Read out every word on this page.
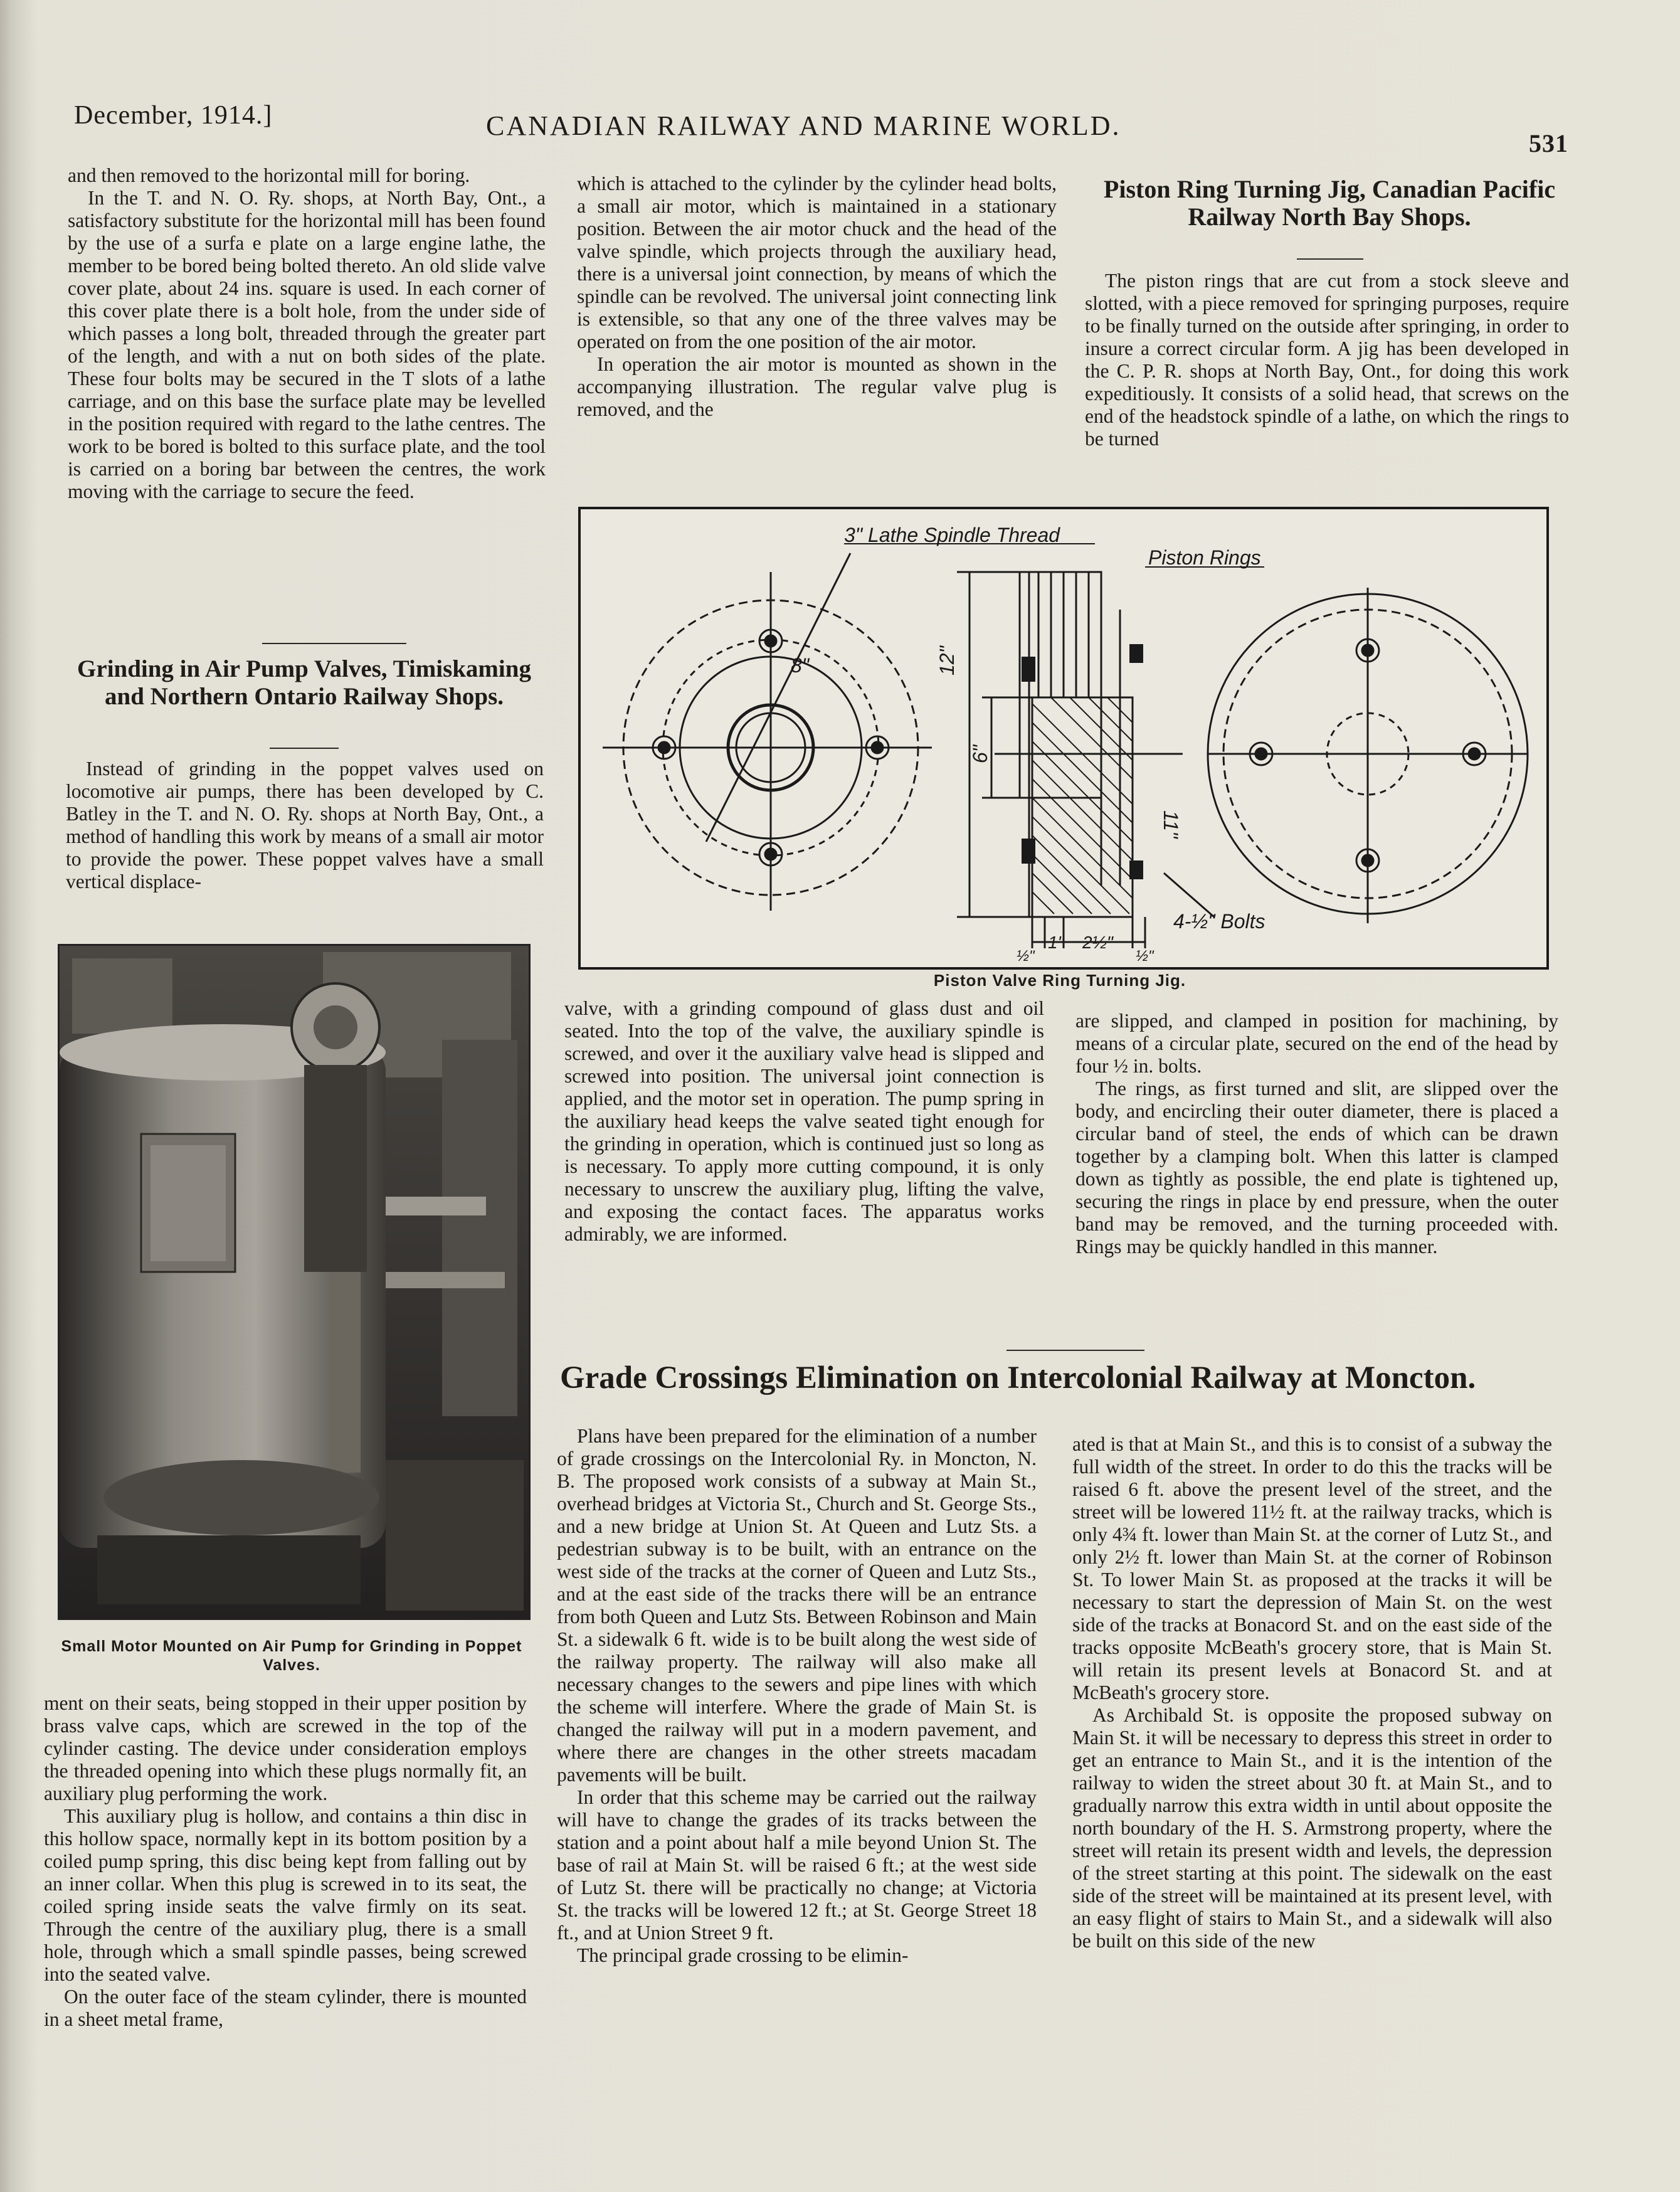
December, 1914.]	CANADIAN RAILWAY AND MARINE WORLD.
531

and then removed to the horizontal mill for boring.

In the T. and N. O. Ry. shops, at North Bay, Ont., a satisfactory substitute for the horizontal mill has been found by the use of a surfa e plate on a large engine lathe, the member to be bored being bolted thereto. An old slide valve cover plate, about 24 ins. square is used. In each corner of this cover plate there is a bolt hole, from the under side of which passes a long bolt, threaded through the greater part of the length, and with a nut on both sides of the plate. These four bolts may be secured in the T slots of a lathe carriage, and on this base the surface plate may be levelled in the position required with regard to the lathe centres. The work to be bored is bolted to this surface plate, and the tool is carried on a boring bar between the centres, the work moving with the carriage to secure the feed.

Grinding in Air Pump Valves, Timiskaming and Northern Ontario Railway Shops.

Instead of grinding in the poppet valves used on locomotive air pumps, there has been developed by C. Batley in the T. and N. O. Ry. shops at North Bay, Ont., a method of handling this work by means of a small air motor to provide the power. These poppet valves have a small vertical displace-

Small Motor Mounted on Air Pump for Grinding in Poppet Valves.

ment on their seats, being stopped in their upper position by brass valve caps, which are screwed in the top of the cylinder casting. The device under consideration employs the threaded opening into which these plugs normally fit, an auxiliary plug performing the work.

This auxiliary plug is hollow, and contains a thin disc in this hollow space, normally kept in its bottom position by a coiled pump spring, this disc being kept from falling out by an inner collar. When this plug is screwed in to its seat, the coiled spring inside seats the valve firmly on its seat. Through the centre of the auxiliary plug, there is a small hole, through which a small spindle passes, being screwed into the seated valve.

On the outer face of the steam cylinder, there is mounted in a sheet metal frame,

which is attached to the cylinder by the cylinder head bolts, a small air motor, which is maintained in a stationary position. Between the air motor chuck and the head of the valve spindle, which projects through the auxiliary head, there is a universal joint connection, by means of which the spindle can be revolved. The universal joint connecting link is extensible, so that any one of the three valves may be operated on from the one position of the air motor.

In operation the air motor is mounted as shown in the accompanying illustration. The regular valve plug is removed, and the

Piston Ring Turning Jig, Canadian Pacific Railway North Bay Shops.

The piston rings that are cut from a stock sleeve and slotted, with a piece removed for springing purposes, require to be finally turned on the outside after springing, in order to insure a correct circular form. A jig has been developed in the C. P. R. shops at North Bay, Ont., for doing this work expeditiously. It consists of a solid head, that screws on the end of the headstock spindle of a lathe, on which the rings to be turned

3" Lathe Spindle Thread
Piston Rings
4-½" Bolts
8"	12"
6"
11"
½"
1" 2½"
½"
Piston Valve Ring Turning Jig.

valve, with a grinding compound of glass dust and oil seated. Into the top of the valve, the auxiliary spindle is screwed, and over it the auxiliary valve head is slipped and screwed into position. The universal joint connection is applied, and the motor set in operation. The pump spring in the auxiliary head keeps the valve seated tight enough for the grinding in operation, which is continued just so long as is necessary. To apply more cutting compound, it is only necessary to unscrew the auxiliary plug, lifting the valve, and exposing the contact faces. The apparatus works admirably, we are informed.

are slipped, and clamped in position for machining, by means of a circular plate, secured on the end of the head by four ½ in. bolts.

The rings, as first turned and slit, are slipped over the body, and encircling their outer diameter, there is placed a circular band of steel, the ends of which can be drawn together by a clamping bolt. When this latter is clamped down as tightly as possible, the end plate is tightened up, securing the rings in place by end pressure, when the outer band may be removed, and the turning proceeded with. Rings may be quickly handled in this manner.

Grade Crossings Elimination on Intercolonial Railway at Moncton.

Plans have been prepared for the elimination of a number of grade crossings on the Intercolonial Ry. in Moncton, N. B. The proposed work consists of a subway at Main St., overhead bridges at Victoria St., Church and St. George Sts., and a new bridge at Union St. At Queen and Lutz Sts. a pedestrian subway is to be built, with an entrance on the west side of the tracks at the corner of Queen and Lutz Sts., and at the east side of the tracks there will be an entrance from both Queen and Lutz Sts. Between Robinson and Main St. a sidewalk 6 ft. wide is to be built along the west side of the railway property. The railway will also make all necessary changes to the sewers and pipe lines with which the scheme will interfere. Where the grade of Main St. is changed the railway will put in a modern pavement, and where there are changes in the other streets macadam pavements will be built.

In order that this scheme may be carried out the railway will have to change the grades of its tracks between the station and a point about half a mile beyond Union St. The base of rail at Main St. will be raised 6 ft.; at the west side of Lutz St. there will be practically no change; at Victoria St. the tracks will be lowered 12 ft.; at St. George Street 18 ft., and at Union Street 9 ft.

The principal grade crossing to be elimin-

ated is that at Main St., and this is to consist of a subway the full width of the street. In order to do this the tracks will be raised 6 ft. above the present level of the street, and the street will be lowered 11½ ft. at the railway tracks, which is only 4¾ ft. lower than Main St. at the corner of Lutz St., and only 2½ ft. lower than Main St. at the corner of Robinson St. To lower Main St. as proposed at the tracks it will be necessary to start the depression of Main St. on the west side of the tracks at Bonacord St. and on the east side of the tracks opposite McBeath's grocery store, that is Main St. will retain its present levels at Bonacord St. and at McBeath's grocery store.

As Archibald St. is opposite the proposed subway on Main St. it will be necessary to depress this street in order to get an entrance to Main St., and it is the intention of the railway to widen the street about 30 ft. at Main St., and to gradually narrow this extra width in until about opposite the north boundary of the H. S. Armstrong property, where the street will retain its present width and levels, the depression of the street starting at this point. The sidewalk on the east side of the street will be maintained at its present level, with an easy flight of stairs to Main St., and a sidewalk will also be built on this side of the new
